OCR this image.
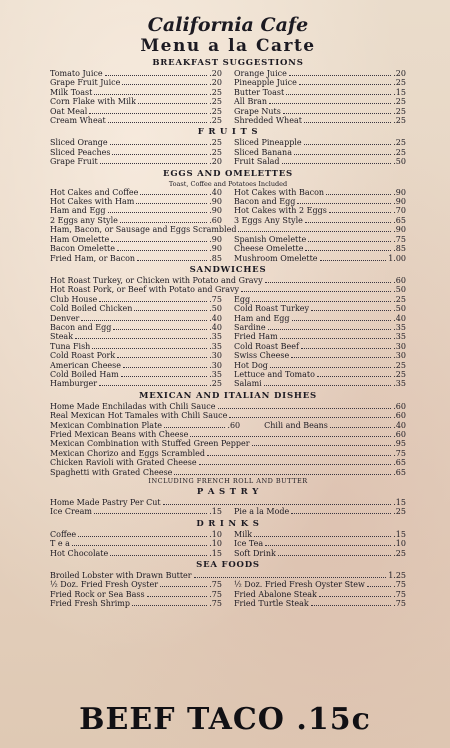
California Cafe
Menu a la Carte
BREAKFAST SUGGESTIONS
Tomato Juice	.20
Grape Fruit Juice	.20
Milk Toast	.25
Corn Flake with Milk	.25
Oat Meal	.25
Cream Wheat	.25
Orange Juice	.20
Pineapple Juice	.25
Butter Toast	.15
All Bran	.25
Grape Nuts	.25
Shredded Wheat	.25
F R U I T S
Sliced Orange	.25
Sliced Peaches	.25
Grape Fruit	.20
Sliced Pineapple	.25
Sliced Banana	.25
Fruit Salad	.50
EGGS AND OMELETTES
Toast, Coffee and Potatoes Included
Hot Cakes and Coffee	.40
Hot Cakes with Ham	.90
Ham and Egg	.90
2 Eggs any Style	.60
Hot Cakes with Bacon	.90
Bacon and Egg	.90
Hot Cakes with 2 Eggs	.70
3 Eggs Any Style	.65
Ham, Bacon, or Sausage and Eggs Scrambled	.90
Ham Omelette	.90
Bacon Omelette	.90
Fried Ham, or Bacon	.85
Spanish Omelette	.75
Cheese Omelette	.85
Mushroom Omelette	1.00
SANDWICHES
Hot Roast Turkey, or Chicken with Potato and Gravy	.60
Hot Roast Pork, or Beef with Potato and Gravy	.50
Club House	.75
Cold Boiled Chicken	.50
Denver	.40
Bacon and Egg	.40
Steak	.35
Tuna Fish	.35
Cold Roast Pork	.30
American Cheese	.30
Cold Boiled Ham	.35
Hamburger	.25
Egg	.25
Cold Roast Turkey	.50
Ham and Egg	.40
Sardine	.35
Fried Ham	.35
Cold Roast Beef	.30
Swiss Cheese	.30
Hot Dog	.25
Lettuce and Tomato	.25
Salami	.35
MEXICAN AND ITALIAN DISHES
Home Made Enchiladas with Chili Sauce	.60
Real Mexican Hot Tamales with Chili Sauce	.60
Mexican Combination Plate	.60	Chili and Beans	.40
Fried Mexican Beans with Cheese	.60
Mexican Combination with Stuffed Green Pepper	.95
Mexican Chorizo and Eggs Scrambled	.75
Chicken Ravioli with Grated Cheese	.65
Spaghetti with Grated Cheese	.65
INCLUDING FRENCH ROLL AND BUTTER
P A S T R Y
Home Made Pastry Per Cut	.15
Ice Cream	.15 Pie a la Mode	.25
D R I N K S
Coffee	.10
T e a	.10
Hot Chocolate	.15
Milk	.15
Ice Tea	.10
Soft Drink	.25
SEA FOODS
Broiled Lobster with Drawn Butter	1.25
½ Doz. Fried Fresh Oyster	.75
Fried Rock or Sea Bass	.75
Fried Fresh Shrimp	.75
½ Doz. Fried Fresh Oyster Stew	.75
Fried Abalone Steak	.75
Fried Turtle Steak	.75
BEEF TACO .15c
